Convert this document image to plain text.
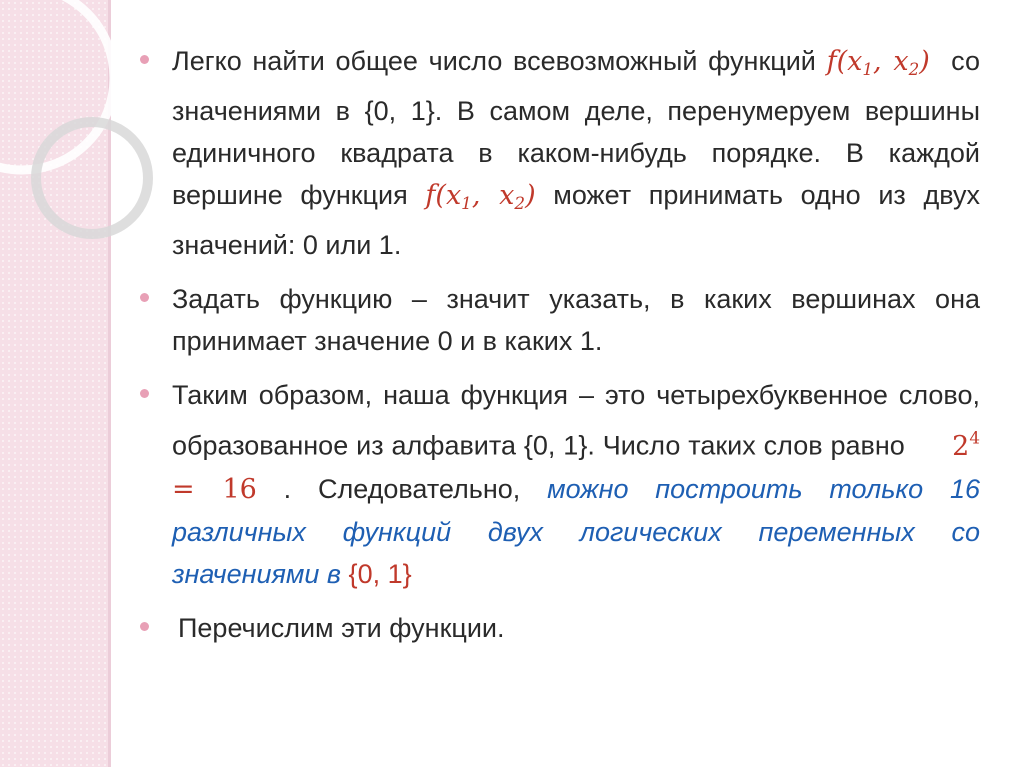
Легко найти общее число всевозможный функций $f(x_1$, $x_2$) со значениями в {0, 1}. В самом деле, перенумеруем вершины единичного квадрата в каком-нибудь порядке. В каждой вершине функция $f(x_1$, $x_2$) может принимать одно из двух значений: 0 или 1.
Задать функцию – значит указать, в каких вершинах она принимает значение 0 и в каких 1.
Таким образом, наша функция – это четырехбуквенное слово, образованное из алфавита {0, 1}. Число таких слов равно $2^4 = 16$ . Следовательно, можно построить только 16 различных функций двух логических переменных со значениями в {0, 1}
Перечислим эти функции.
